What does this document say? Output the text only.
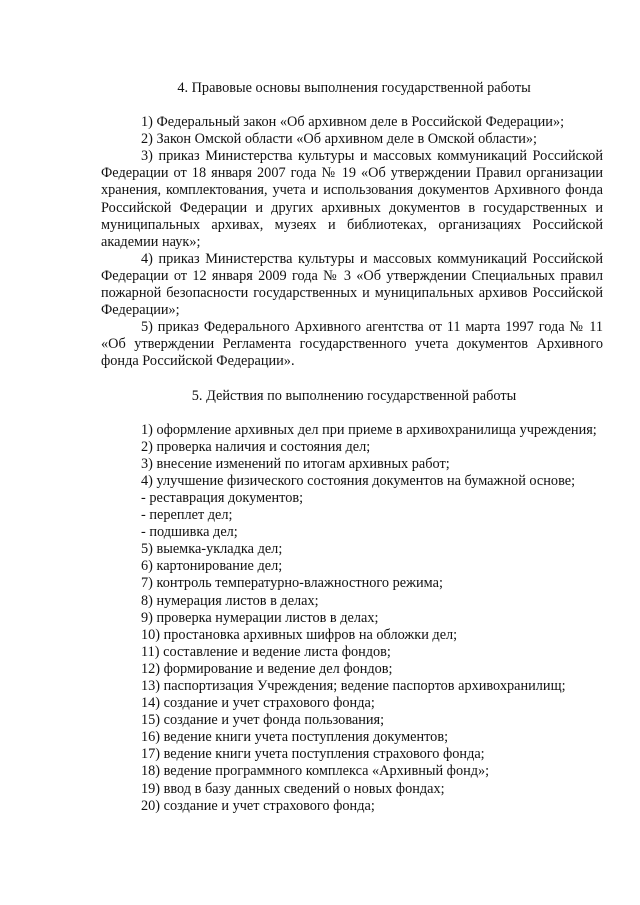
4. Правовые основы выполнения государственной работы

1) Федеральный закон «Об архивном деле в Российской Федерации»;

2) Закон Омской области «Об архивном деле в Омской области»;

3) приказ Министерства культуры и массовых коммуникаций Российской Федерации от 18 января 2007 года № 19 «Об утверждении Правил организации хранения, комплектования, учета и использования документов Архивного фонда Российской Федерации и других архивных документов в государственных и муниципальных архивах, музеях и библиотеках, организациях Российской академии наук»;

4) приказ Министерства культуры и массовых коммуникаций Российской Федерации от 12 января 2009 года № 3 «Об утверждении Специальных правил пожарной безопасности государственных и муниципальных архивов Российской Федерации»;

5) приказ Федерального Архивного агентства от 11 марта 1997 года № 11 «Об утверждении Регламента государственного учета документов Архивного фонда Российской Федерации».

5. Действия по выполнению государственной работы

1) оформление архивных дел при приеме в архивохранилища учреждения;

2) проверка наличия и состояния дел;

3) внесение изменений по итогам архивных работ;

4) улучшение физического состояния документов на бумажной основе;

- реставрация документов;

- переплет дел;

- подшивка дел;

5) выемка-укладка дел;

6) картонирование дел;

7) контроль температурно-влажностного режима;

8) нумерация листов в делах;

9) проверка нумерации листов в делах;

10) простановка архивных шифров на обложки дел;

11) составление и ведение листа фондов;

12) формирование и ведение дел фондов;

13) паспортизация Учреждения; ведение паспортов архивохранилищ;

14) создание и учет страхового фонда;

15) создание и учет фонда пользования;

16) ведение книги учета поступления документов;

17) ведение книги учета поступления страхового фонда;

18) ведение программного комплекса «Архивный фонд»;

19) ввод в базу данных сведений о новых фондах;

20) создание и учет страхового фонда;
